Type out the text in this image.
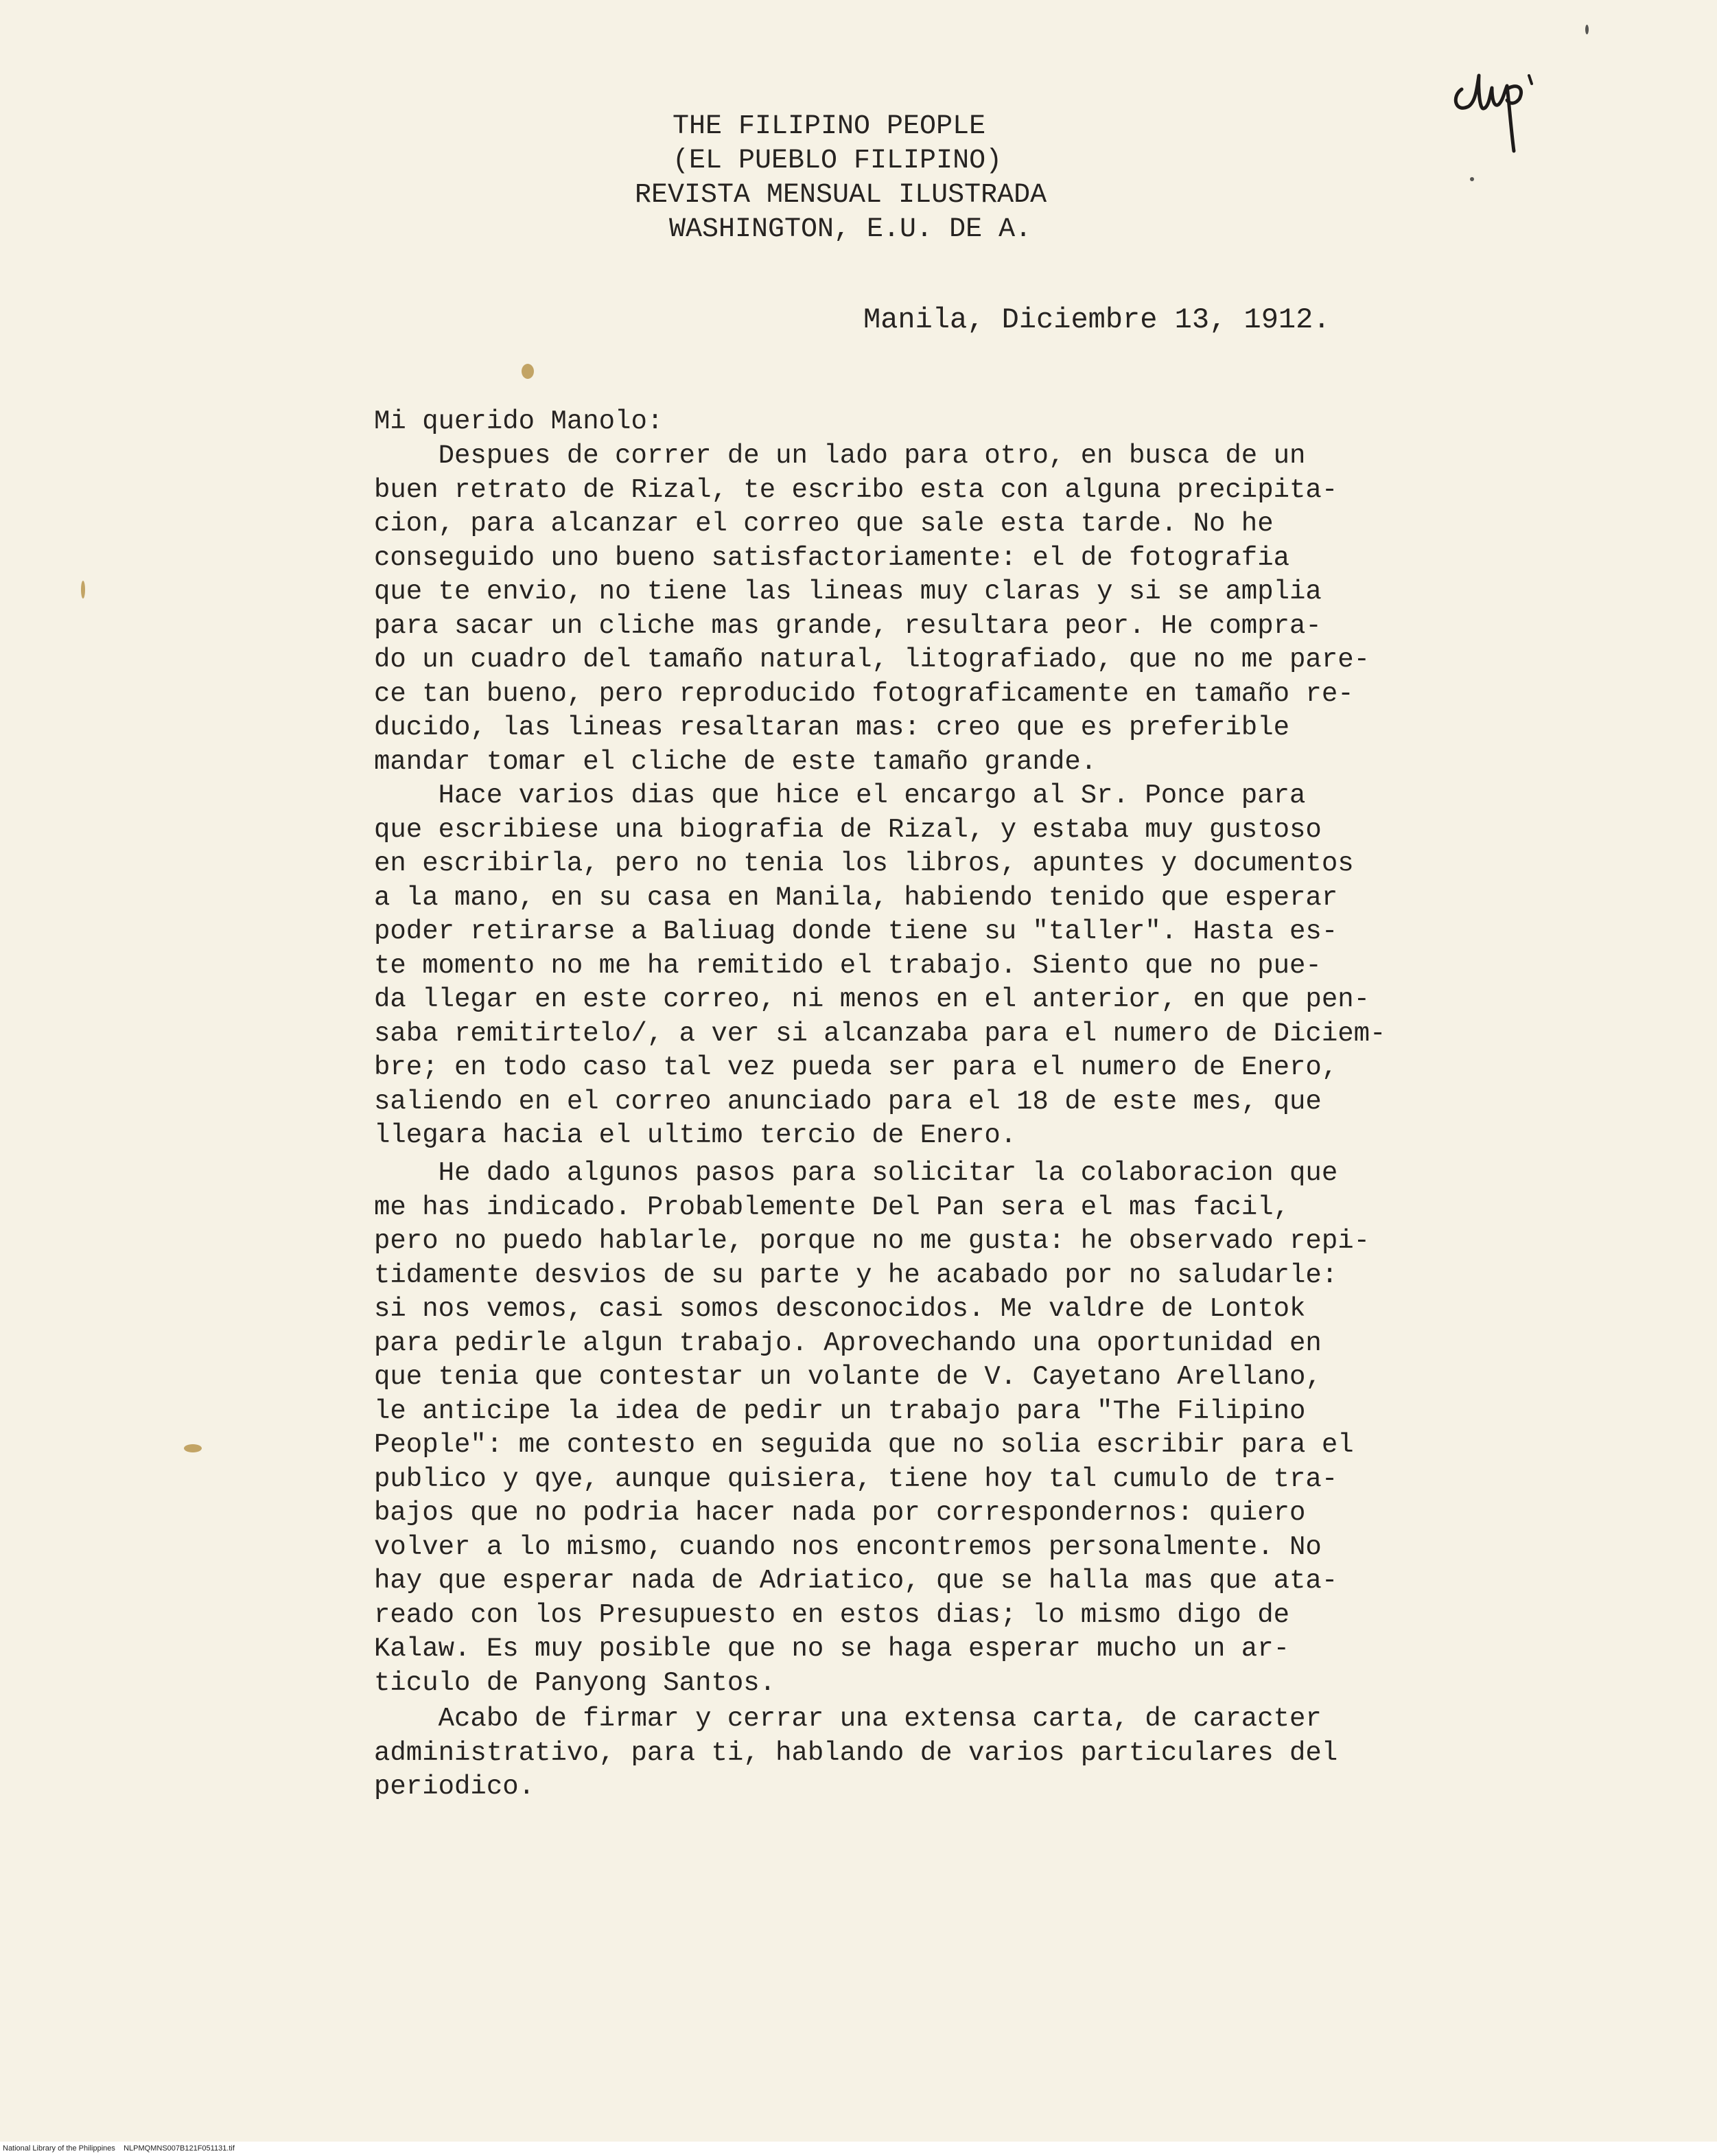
THE FILIPINO PEOPLE
(EL PUEBLO FILIPINO)
REVISTA MENSUAL ILUSTRADA
WASHINGTON, E.U. DE A.
Manila, Diciembre 13, 1912.
Mi querido Manolo:
Despues de correr de un lado para otro, en busca de un
buen retrato de Rizal, te escribo esta con alguna precipita-
cion, para alcanzar el correo que sale esta tarde. No he
conseguido uno bueno satisfactoriamente: el de fotografia
que te envio, no tiene las lineas muy claras y si se amplia
para sacar un cliche mas grande, resultara peor. He compra-
do un cuadro del tamaño natural, litografiado, que no me pare-
ce tan bueno, pero reproducido fotograficamente en tamaño re-
ducido, las lineas resaltaran mas: creo que es preferible
mandar tomar el cliche de este tamaño grande.
Hace varios dias que hice el encargo al Sr. Ponce para
que escribiese una biografia de Rizal, y estaba muy gustoso
en escribirla, pero no tenia los libros, apuntes y documentos
a la mano, en su casa en Manila, habiendo tenido que esperar
poder retirarse a Baliuag donde tiene su "taller". Hasta es-
te momento no me ha remitido el trabajo. Siento que no pue-
da llegar en este correo, ni menos en el anterior, en que pen-
saba remitirtelo/, a ver si alcanzaba para el numero de Diciem-
bre; en todo caso tal vez pueda ser para el numero de Enero,
saliendo en el correo anunciado para el 18 de este mes, que
llegara hacia el ultimo tercio de Enero.
He dado algunos pasos para solicitar la colaboracion que
me has indicado. Probablemente Del Pan sera el mas facil,
pero no puedo hablarle, porque no me gusta: he observado repi-
tidamente desvios de su parte y he acabado por no saludarle:
si nos vemos, casi somos desconocidos. Me valdre de Lontok
para pedirle algun trabajo. Aprovechando una oportunidad en
que tenia que contestar un volante de V. Cayetano Arellano,
le anticipe la idea de pedir un trabajo para "The Filipino
People": me contesto en seguida que no solia escribir para el
publico y qye, aunque quisiera, tiene hoy tal cumulo de tra-
bajos que no podria hacer nada por correspondernos: quiero
volver a lo mismo, cuando nos encontremos personalmente. No
hay que esperar nada de Adriatico, que se halla mas que ata-
reado con los Presupuesto en estos dias; lo mismo digo de
Kalaw. Es muy posible que no se haga esperar mucho un ar-
ticulo de Panyong Santos.
Acabo de firmar y cerrar una extensa carta, de caracter
administrativo, para ti, hablando de varios particulares del
periodico.
National Library of the Philippines    NLPMQMNS007B121F051131.tif
